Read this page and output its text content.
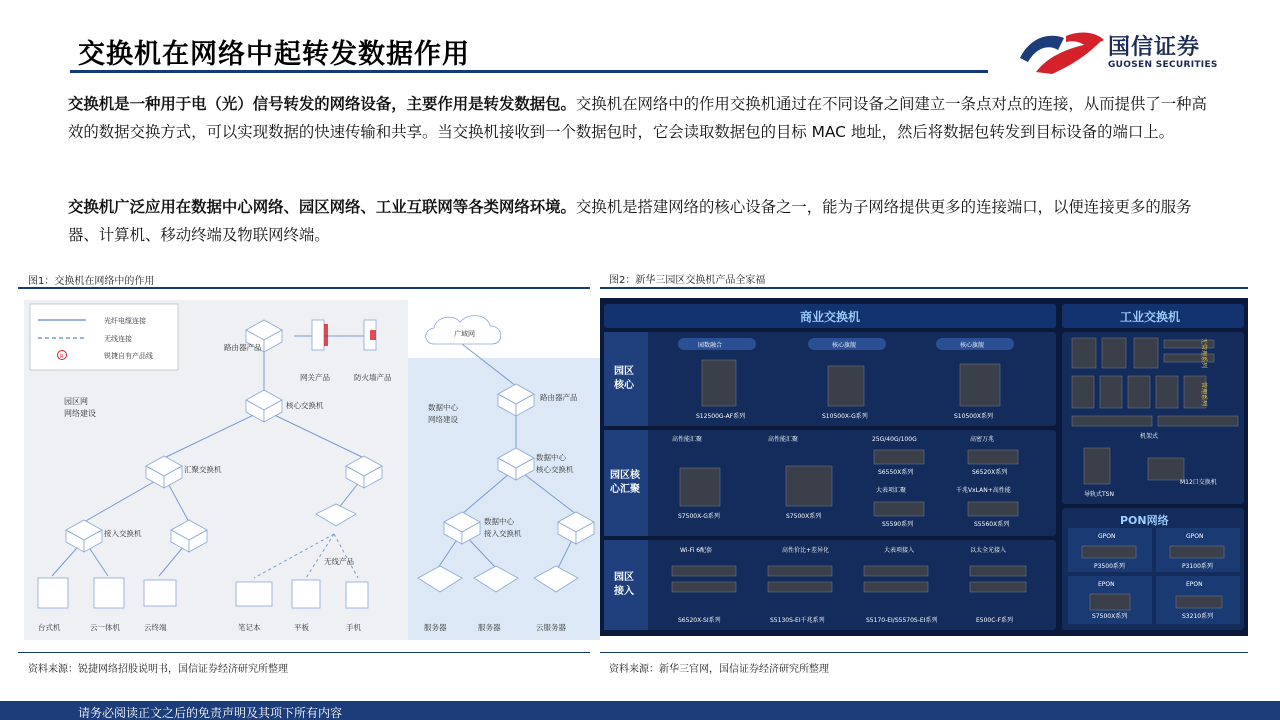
交换机在网络中起转发数据作用	国信证券
GUOSEN SECURITIES
交换机是一种用于电（光）信号转发的网络设备，主要作用是转发数据包。交换机在网络中的作用交换机通过在不同设备之间建立一条点对点的连接，从而提供了一种高效的数据交换方式，可以实现数据的快速传输和共享。当交换机接收到一个数据包时，它会读取数据包的目标 MAC 地址，然后将数据包转发到目标设备的端口上。
交换机广泛应用在数据中心网络、园区网络、工业互联网等各类网络环境。交换机是搭建网络的核心设备之一，能为子网络提供更多的连接端口，以便连接更多的服务器、计算机、移动终端及物联网终端。
图1：交换机在网络中的作用	图2：新华三园区交换机产品全家福
R
光纤电缆连接
无线连接
锐捷自有产品线
园区网
网络建设
路由器产品
网关产品	防火墙产品
核心交换机
汇聚交换机
接入交换机
无线产品
台式机	云一体机	云终端	笔记本	平板	手机
广域网
数据中心
网络建设
路由器产品
数据中心
核心交换机
数据中心
接入交换机
服务器	服务器	云服务器
商业交换机	工业交换机
园区
核心
园区核
心汇聚
园区
接入
园数融合	核心旗舰	核心旗舰
S12500G-AF系列	S10500X-G系列	S10500X系列
高性能汇聚	高性能汇聚	25G/40G/100G	高密万兆
S6550X系列	S6520X系列
大表项汇聚	千兆VxLAN+高性能
S5590系列	S5560X系列
S7500X-G系列	S7500X系列
Wi-Fi 6配套	高性价比+差异化	大表项接入	以太全光接入
S6520X-SI系列	S5130S-EI千兆系列	S5170-EI/S5570S-EI系列	E500C-F系列
无管理系列
管理系列
机架式
导轨式TSN
M12口交换机
PON网络
GPON	GPON
EPON	EPON
P3500系列	P3100系列
S7500X系列	S3210系列
资料来源：锐捷网络招股说明书，国信证券经济研究所整理	资料来源：新华三官网，国信证券经济研究所整理
请务必阅读正文之后的免责声明及其项下所有内容
